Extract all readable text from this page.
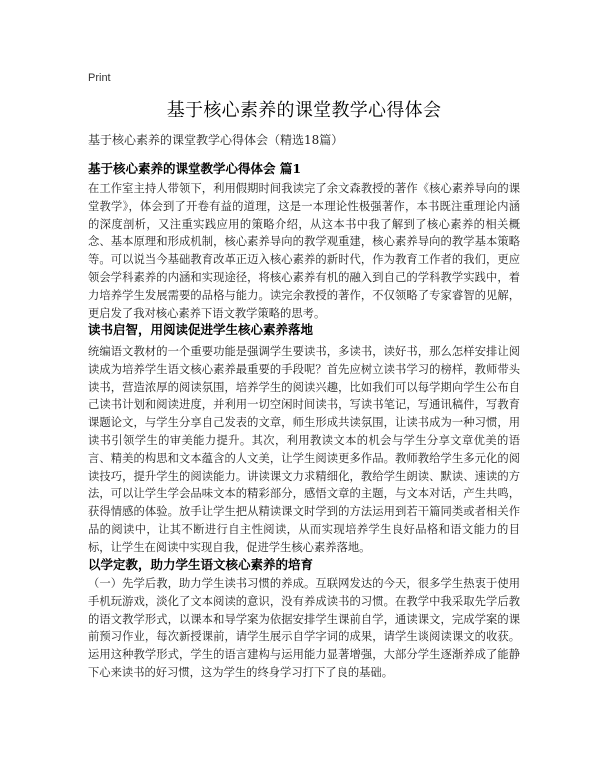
Print
基于核心素养的课堂教学心得体会
基于核心素养的课堂教学心得体会（精选18篇）
基于核心素养的课堂教学心得体会 篇1

在工作室主持人带领下，利用假期时间我读完了余文森教授的著作《核心素养导向的课堂教学》，体会到了开卷有益的道理，这是一本理论性极强著作，本书既注重理论内涵的深度剖析，又注重实践应用的策略介绍，从这本书中我了解到了核心素养的相关概念、基本原理和形成机制，核心素养导向的教学观重建，核心素养导向的教学基本策略等。可以说当今基础教育改革正迈入核心素养的新时代，作为教育工作者的我们，更应领会学科素养的内涵和实现途径，将核心素养有机的融入到自己的学科教学实践中，着力培养学生发展需要的品格与能力。读完余教授的著作，不仅领略了专家睿智的见解，更启发了我对核心素养下语文教学策略的思考。

读书启智，用阅读促进学生核心素养落地

统编语文教材的一个重要功能是强调学生要读书，多读书，读好书，那么怎样安排让阅读成为培养学生语文核心素养最重要的手段呢？首先应树立读书学习的榜样，教师带头读书，营造浓厚的阅读氛围，培养学生的阅读兴趣，比如我们可以每学期向学生公布自己读书计划和阅读进度，并利用一切空闲时间读书，写读书笔记，写通讯稿件，写教育课题论文，与学生分享自己发表的文章，师生形成共读氛围，让读书成为一种习惯，用读书引领学生的审美能力提升。其次，利用教读文本的机会与学生分享文章优美的语言、精美的构思和文本蕴含的人文美，让学生阅读更多作品。教师教给学生多元化的阅读技巧，提升学生的阅读能力。讲读课文力求精细化，教给学生朗读、默读、速读的方法，可以让学生学会品味文本的精彩部分，感悟文章的主题，与文本对话，产生共鸣，获得情感的体验。放手让学生把从精读课文时学到的方法运用到若干篇同类或者相关作品的阅读中，让其不断进行自主性阅读，从而实现培养学生良好品格和语文能力的目标，让学生在阅读中实现自我，促进学生核心素养落地。

以学定教，助力学生语文核心素养的培育

（一）先学后教，助力学生读书习惯的养成。互联网发达的今天，很多学生热衷于使用手机玩游戏，淡化了文本阅读的意识，没有养成读书的习惯。在教学中我采取先学后教的语文教学形式，以课本和导学案为依据安排学生课前自学，通读课文，完成学案的课前预习作业，每次新授课前，请学生展示自学字词的成果，请学生谈阅读课文的收获。运用这种教学形式，学生的语言建构与运用能力显著增强，大部分学生逐渐养成了能静下心来读书的好习惯，这为学生的终身学习打下了良的基础。
